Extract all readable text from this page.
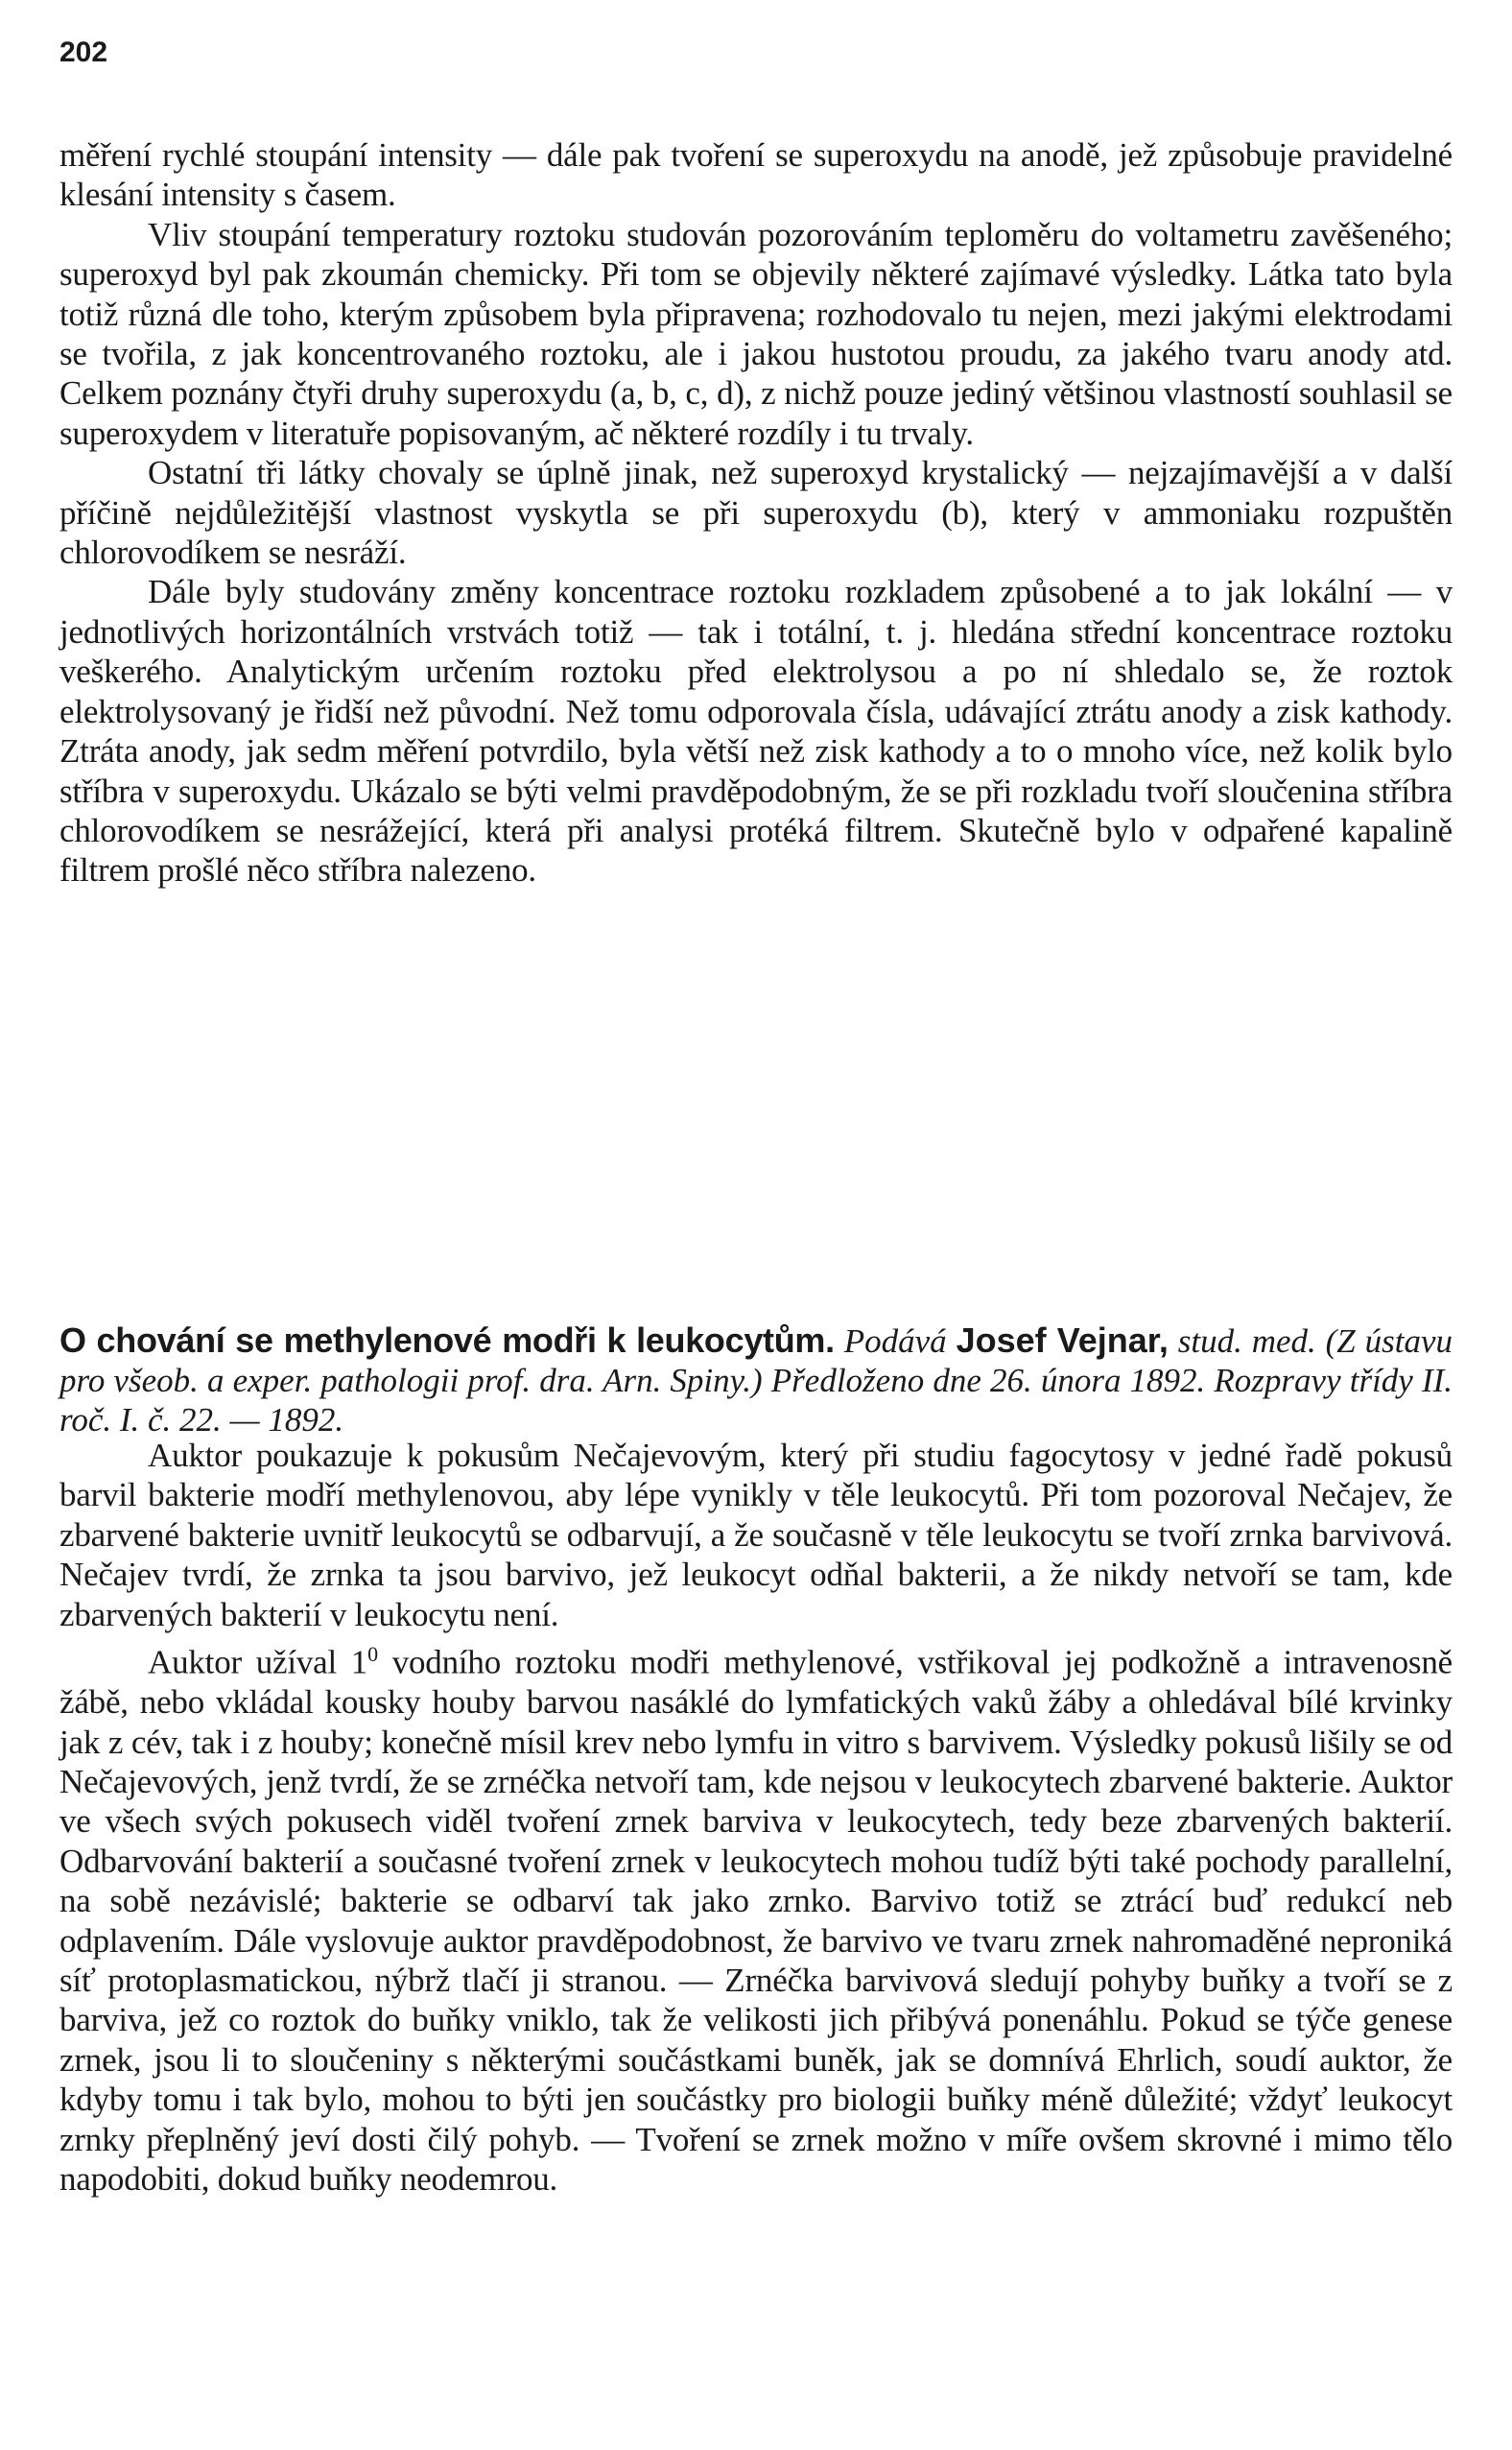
202

měření rychlé stoupání intensity — dále pak tvoření se superoxydu na anodě, jež způsobuje pravidelné klesání intensity s časem.

Vliv stoupání temperatury roztoku studován pozorováním teploměru do voltametru zavěšeného; superoxyd byl pak zkoumán chemicky. Při tom se objevily některé zajímavé výsledky. Látka tato byla totiž různá dle toho, kterým způsobem byla připravena; rozhodovalo tu nejen, mezi jakými elektrodami se tvořila, z jak koncentrovaného roztoku, ale i jakou hustotou proudu, za jakého tvaru anody atd. Celkem poznány čtyři druhy superoxydu (a, b, c, d), z nichž pouze jediný většinou vlastností souhlasil se superoxydem v literatuře popisovaným, ač některé rozdíly i tu trvaly.

Ostatní tři látky chovaly se úplně jinak, než superoxyd krystalický — nejzajímavější a v další příčině nejdůležitější vlastnost vyskytla se při superoxydu (b), který v ammoniaku rozpuštěn chlorovodíkem se nesráží.

Dále byly studovány změny koncentrace roztoku rozkladem způsobené a to jak lokální — v jednotlivých horizontálních vrstvách totiž — tak i totální, t. j. hledána střední koncentrace roztoku veškerého. Analytickým určením roztoku před elektrolysou a po ní shledalo se, že roztok elektrolysovaný je řidší než původní. Než tomu odporovala čísla, udávající ztrátu anody a zisk kathody. Ztráta anody, jak sedm měření potvrdilo, byla větší než zisk kathody a to o mnoho více, než kolik bylo stříbra v superoxydu. Ukázalo se býti velmi pravděpodobným, že se při rozkladu tvoří sloučenina stříbra chlorovodíkem se nesrážející, která při analysi protéká filtrem. Skutečně bylo v odpařené kapalině filtrem prošlé něco stříbra nalezeno.

O chování se methylenové modři k leukocytům. Podává Josef Vejnar, stud. med. (Z ústavu pro všeob. a exper. pathologii prof. dra. Arn. Spiny.) Předloženo dne 26. února 1892. Rozpravy třídy II. roč. I. č. 22. — 1892.

Auktor poukazuje k pokusům Nečajevovým, který při studiu fagocytosy v jedné řadě pokusů barvil bakterie modří methylenovou, aby lépe vynikly v těle leukocytů. Při tom pozoroval Nečajev, že zbarvené bakterie uvnitř leukocytů se odbarvují, a že současně v těle leukocytu se tvoří zrnka barvivová. Nečajev tvrdí, že zrnka ta jsou barvivo, jež leukocyt odňal bakterii, a že nikdy netvoří se tam, kde zbarvených bakterií v leukocytu není.

Auktor užíval $1^0$ vodního roztoku modři methylenové, vstřikoval jej podkožně a intravenosně žábě, nebo vkládal kousky houby barvou nasáklé do lymfatických vaků žáby a ohledával bílé krvinky jak z cév, tak i z houby; konečně mísil krev nebo lymfu in vitro s barvivem. Výsledky pokusů lišily se od Nečajevových, jenž tvrdí, že se zrnéčka netvoří tam, kde nejsou v leukocytech zbarvené bakterie. Auktor ve všech svých pokusech viděl tvoření zrnek barviva v leukocytech, tedy beze zbarvených bakterií. Odbarvování bakterií a současné tvoření zrnek v leukocytech mohou tudíž býti také pochody parallelní, na sobě nezávislé; bakterie se odbarví tak jako zrnko. Barvivo totiž se ztrácí buď redukcí neb odplavením. Dále vyslovuje auktor pravděpodobnost, že barvivo ve tvaru zrnek nahromaděné neproniká síť protoplasmatickou, nýbrž tlačí ji stranou. — Zrnéčka barvivová sledují pohyby buňky a tvoří se z barviva, jež co roztok do buňky vniklo, tak že velikosti jich přibývá ponenáhlu. Pokud se týče genese zrnek, jsou li to sloučeniny s některými součástkami buněk, jak se domnívá Ehrlich, soudí auktor, že kdyby tomu i tak bylo, mohou to býti jen součástky pro biologii buňky méně důležité; vždyť leukocyt zrnky přeplněný jeví dosti čilý pohyb. — Tvoření se zrnek možno v míře ovšem skrovné i mimo tělo napodobiti, dokud buňky neodemrou.
